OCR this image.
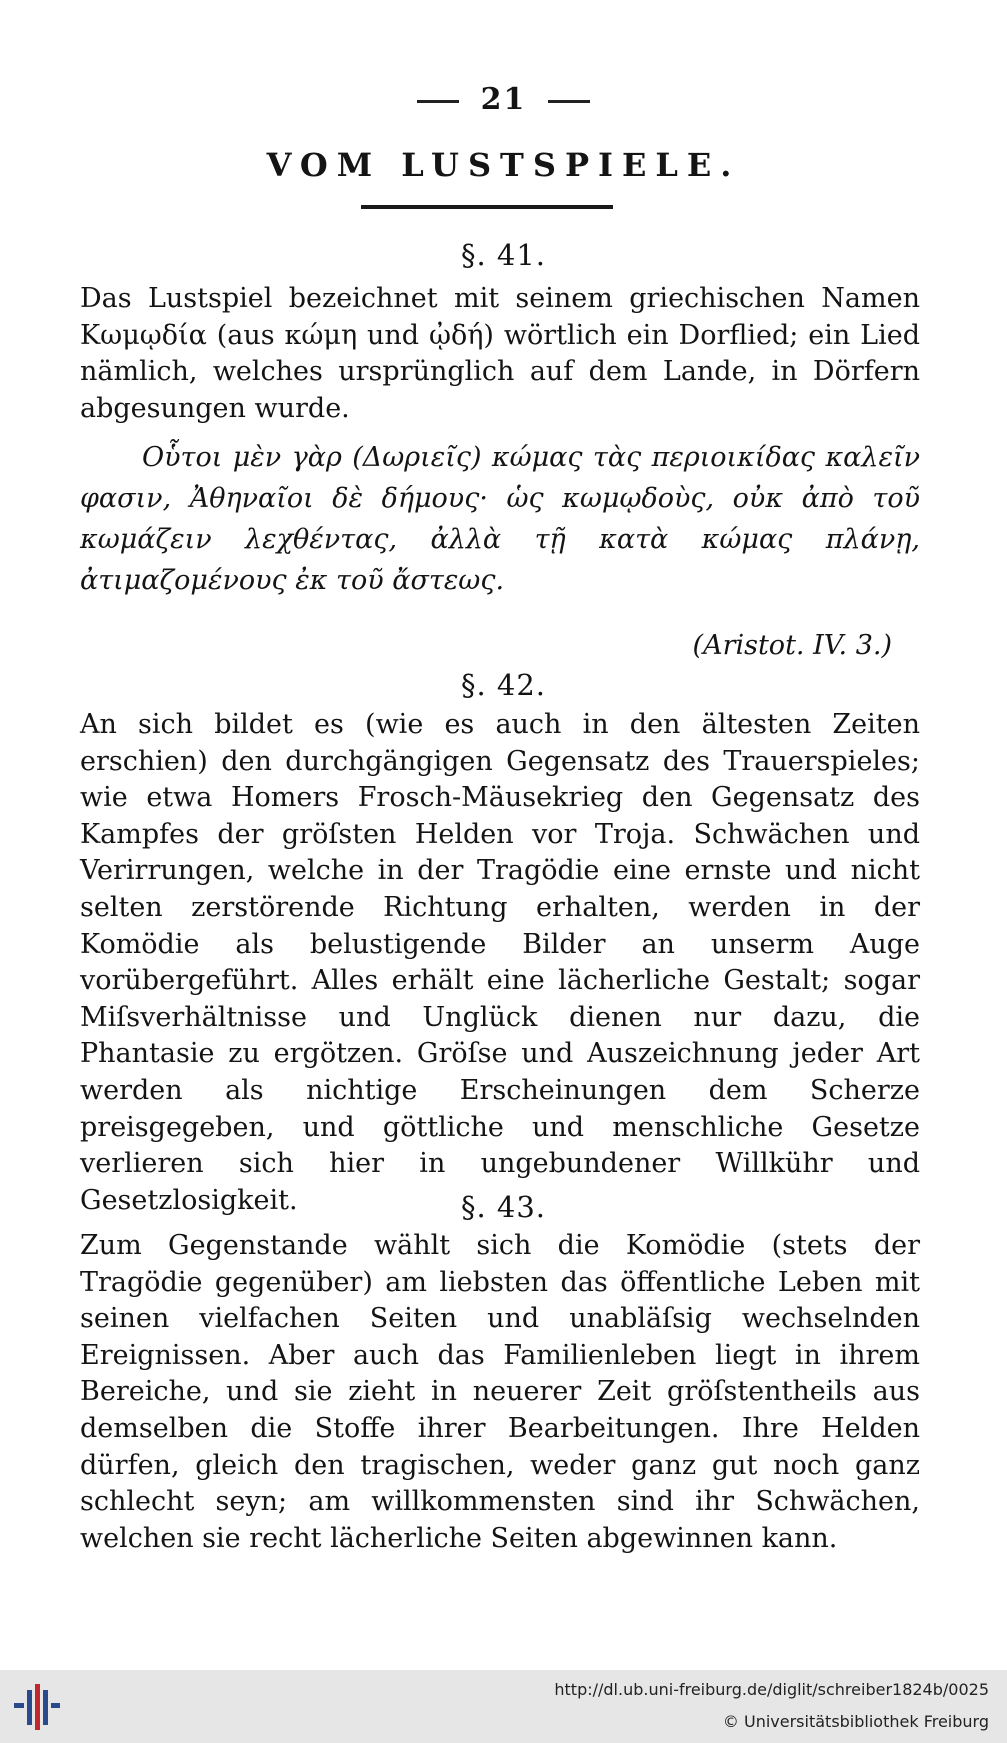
21
VOM LUSTSPIELE.
§. 41.

Das Lustspiel bezeichnet mit seinem griechischen Namen Κωμῳδία (aus κώμη und ᾠδή) wörtlich ein Dorflied; ein Lied nämlich, welches ursprünglich auf dem Lande, in Dörfern abgesungen wurde.

Οὗτοι μὲν γὰρ (Δωριεῖς) κώμας τὰς περιοικίδας καλεῖν φασιν, Ἀθηναῖοι δὲ δήμους· ὡς κωμῳδοὺς, οὐκ ἀπὸ τοῦ κωμάζειν λεχθέντας, ἀλλὰ τῇ κατὰ κώμας πλάνῃ, ἀτιμαζομένους ἐκ τοῦ ἄστεως.

(Aristot. IV. 3.)
§. 42.

An sich bildet es (wie es auch in den ältesten Zeiten erschien) den durchgängigen Gegensatz des Trauerspieles; wie etwa Homers Frosch-Mäusekrieg den Gegensatz des Kampfes der gröſsten Helden vor Troja. Schwächen und Verirrungen, welche in der Tragödie eine ernste und nicht selten zerstörende Richtung erhalten, werden in der Komödie als belustigende Bilder an unserm Auge vorübergeführt. Alles erhält eine lächerliche Gestalt; sogar Miſsverhältnisse und Unglück dienen nur dazu, die Phantasie zu ergötzen. Gröſse und Auszeichnung jeder Art werden als nichtige Erscheinungen dem Scherze preisgegeben, und göttliche und menschliche Gesetze verlieren sich hier in ungebundener Willkühr und Gesetzlosigkeit.	§. 43.

Zum Gegenstande wählt sich die Komödie (stets der Tragödie gegenüber) am liebsten das öffentliche Leben mit seinen vielfachen Seiten und unabläſsig wechselnden Ereignissen. Aber auch das Familienleben liegt in ihrem Bereiche, und sie zieht in neuerer Zeit gröſstentheils aus demselben die Stoffe ihrer Bearbeitungen. Ihre Helden dürfen, gleich den tragischen, weder ganz gut noch ganz schlecht seyn; am willkommensten sind ihr Schwächen, welchen sie recht lächerliche Seiten abgewinnen kann.

http://dl.ub.uni-freiburg.de/diglit/schreiber1824b/0025
© Universitätsbibliothek Freiburg
